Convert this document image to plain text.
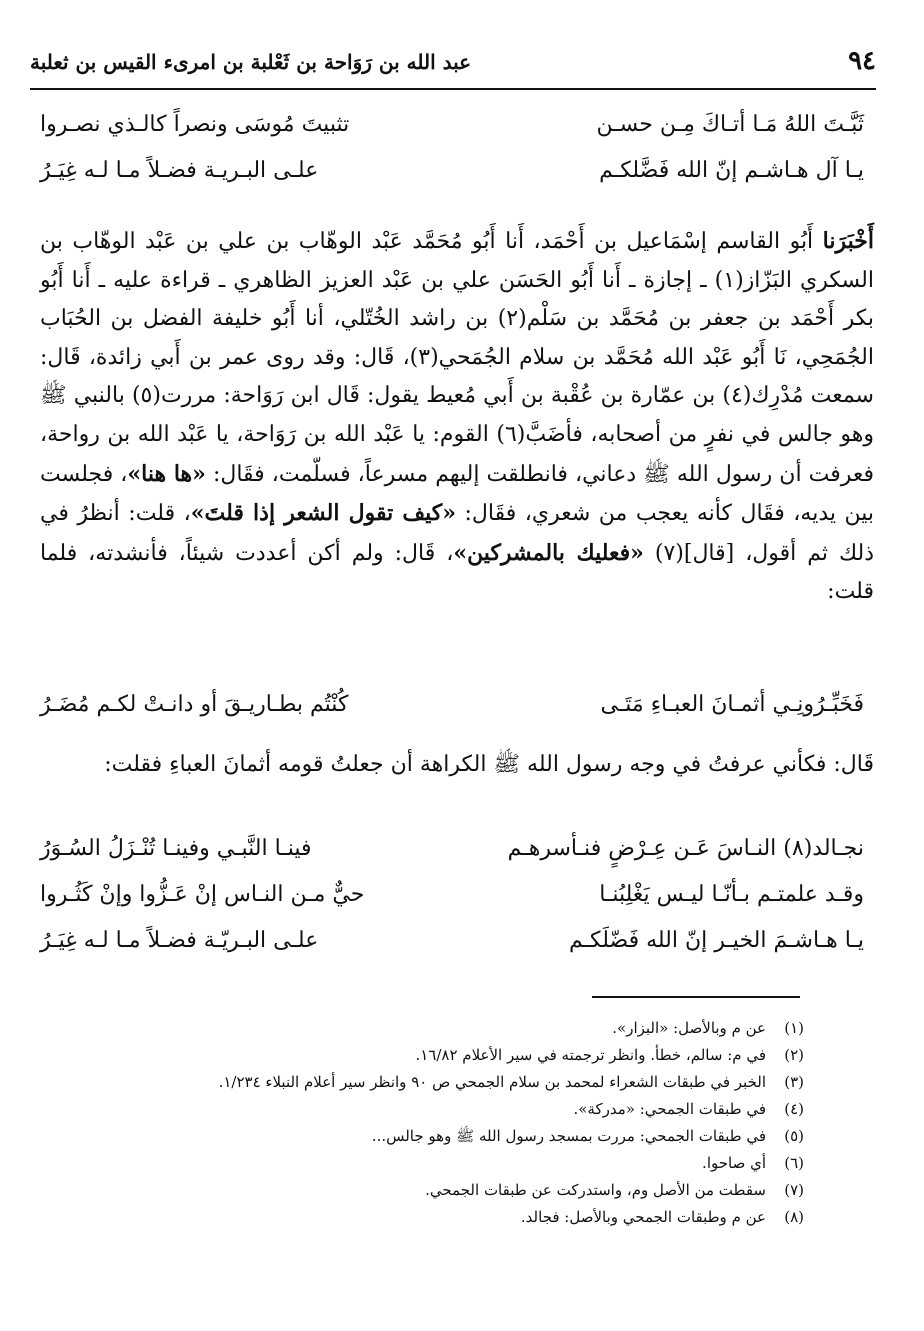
٩٤
عبد الله بن رَوَاحة بن ثَعْلبة بن امرىء القيس بن ثعلبة
ثَبَّـتَ اللهُ مَـا أتـاكَ مِـن حسـن
تثبيتَ مُوسَى ونصراً كالـذي نصـروا
يـا آل هـاشـم إنّ الله فَضَّلكـم
علـى البـريـة فضـلاً مـا لـه غِيَـرُ
أَخْبَرَنا أَبُو القاسم إسْمَاعيل بن أَحْمَد، أَنا أَبُو مُحَمَّد عَبْد الوهّاب بن علي بن عَبْد الوهّاب بن السكري البَزّاز(١) ـ إجازة ـ أَنا أَبُو الحَسَن علي بن عَبْد العزيز الظاهري ـ قراءة عليه ـ أَنا أَبُو بكر أَحْمَد بن جعفر بن مُحَمَّد بن سَلْم(٢) بن راشد الخُتّلي، أنا أَبُو خليفة الفضل بن الحُبَاب الجُمَحِي، نَا أَبُو عَبْد الله مُحَمَّد بن سلام الجُمَحي(٣)، قَال: وقد روى عمر بن أَبي زائدة، قَال: سمعت مُدْرِك(٤) بن عمّارة بن عُقْبة بن أَبي مُعيط يقول: قَال ابن رَوَاحة: مررت(٥) بالنبي ﷺ وهو جالس في نفرٍ من أصحابه، فأضَبَّ(٦) القوم: يا عَبْد الله بن رَوَاحة، يا عَبْد الله بن رواحة، فعرفت أن رسول الله ﷺ دعاني، فانطلقت إليهم مسرعاً، فسلّمت، فقَال: «ها هنا»، فجلست بين يديه، فقَال كأنه يعجب من شعري، فقَال: «كيف تقول الشعر إذا قلتَ»، قلت: أنظرُ في ذلك ثم أقول، [قال](٧) «فعليك بالمشركين»، قَال: ولم أكن أعددت شيئاً، فأنشدته، فلما قلت:
فَخَبِّـرُونِـي أثمـانَ العبـاءِ مَتَـى
كُنْتُم بطـاريـقَ أو دانـتْ لكـم مُضَـرُ
قَال: فكأني عرفتُ في وجه رسول الله ﷺ الكراهة أن جعلتُ قومه أثمانَ العباءِ فقلت:
نجـالد(٨) النـاسَ عَـن عِـرْضٍ فنـأسرهـم
فينـا النَّبـي وفينـا تُنْـزَلُ السُـوَرُ
وقـد علمتـم بـأنّـا ليـس يَغْلِبُنـا
حيٌّ مـن النـاس إنْ عَـزُّوا وإنْ كَثُـروا
يـا هـاشـمَ الخيـر إنّ الله فَضّلَكـم
علـى البـريّـة فضـلاً مـا لـه غِيَـرُ
(١)عن م وبالأصل: «البزار».
(٢)في م: سالم، خطأ. وانظر ترجمته في سير الأعلام ١٦/٨٢.
(٣)الخبر في طبقات الشعراء لمحمد بن سلام الجمحي ص ٩٠ وانظر سير أعلام النبلاء ١/٢٣٤.
(٤)في طبقات الجمحي: «مدركة».
(٥)في طبقات الجمحي: مررت بمسجد رسول الله ﷺ وهو جالس...
(٦)أي صاحوا.
(٧)سقطت من الأصل وم، واستدركت عن طبقات الجمحي.
(٨)عن م وطبقات الجمحي وبالأصل: فجالد.
